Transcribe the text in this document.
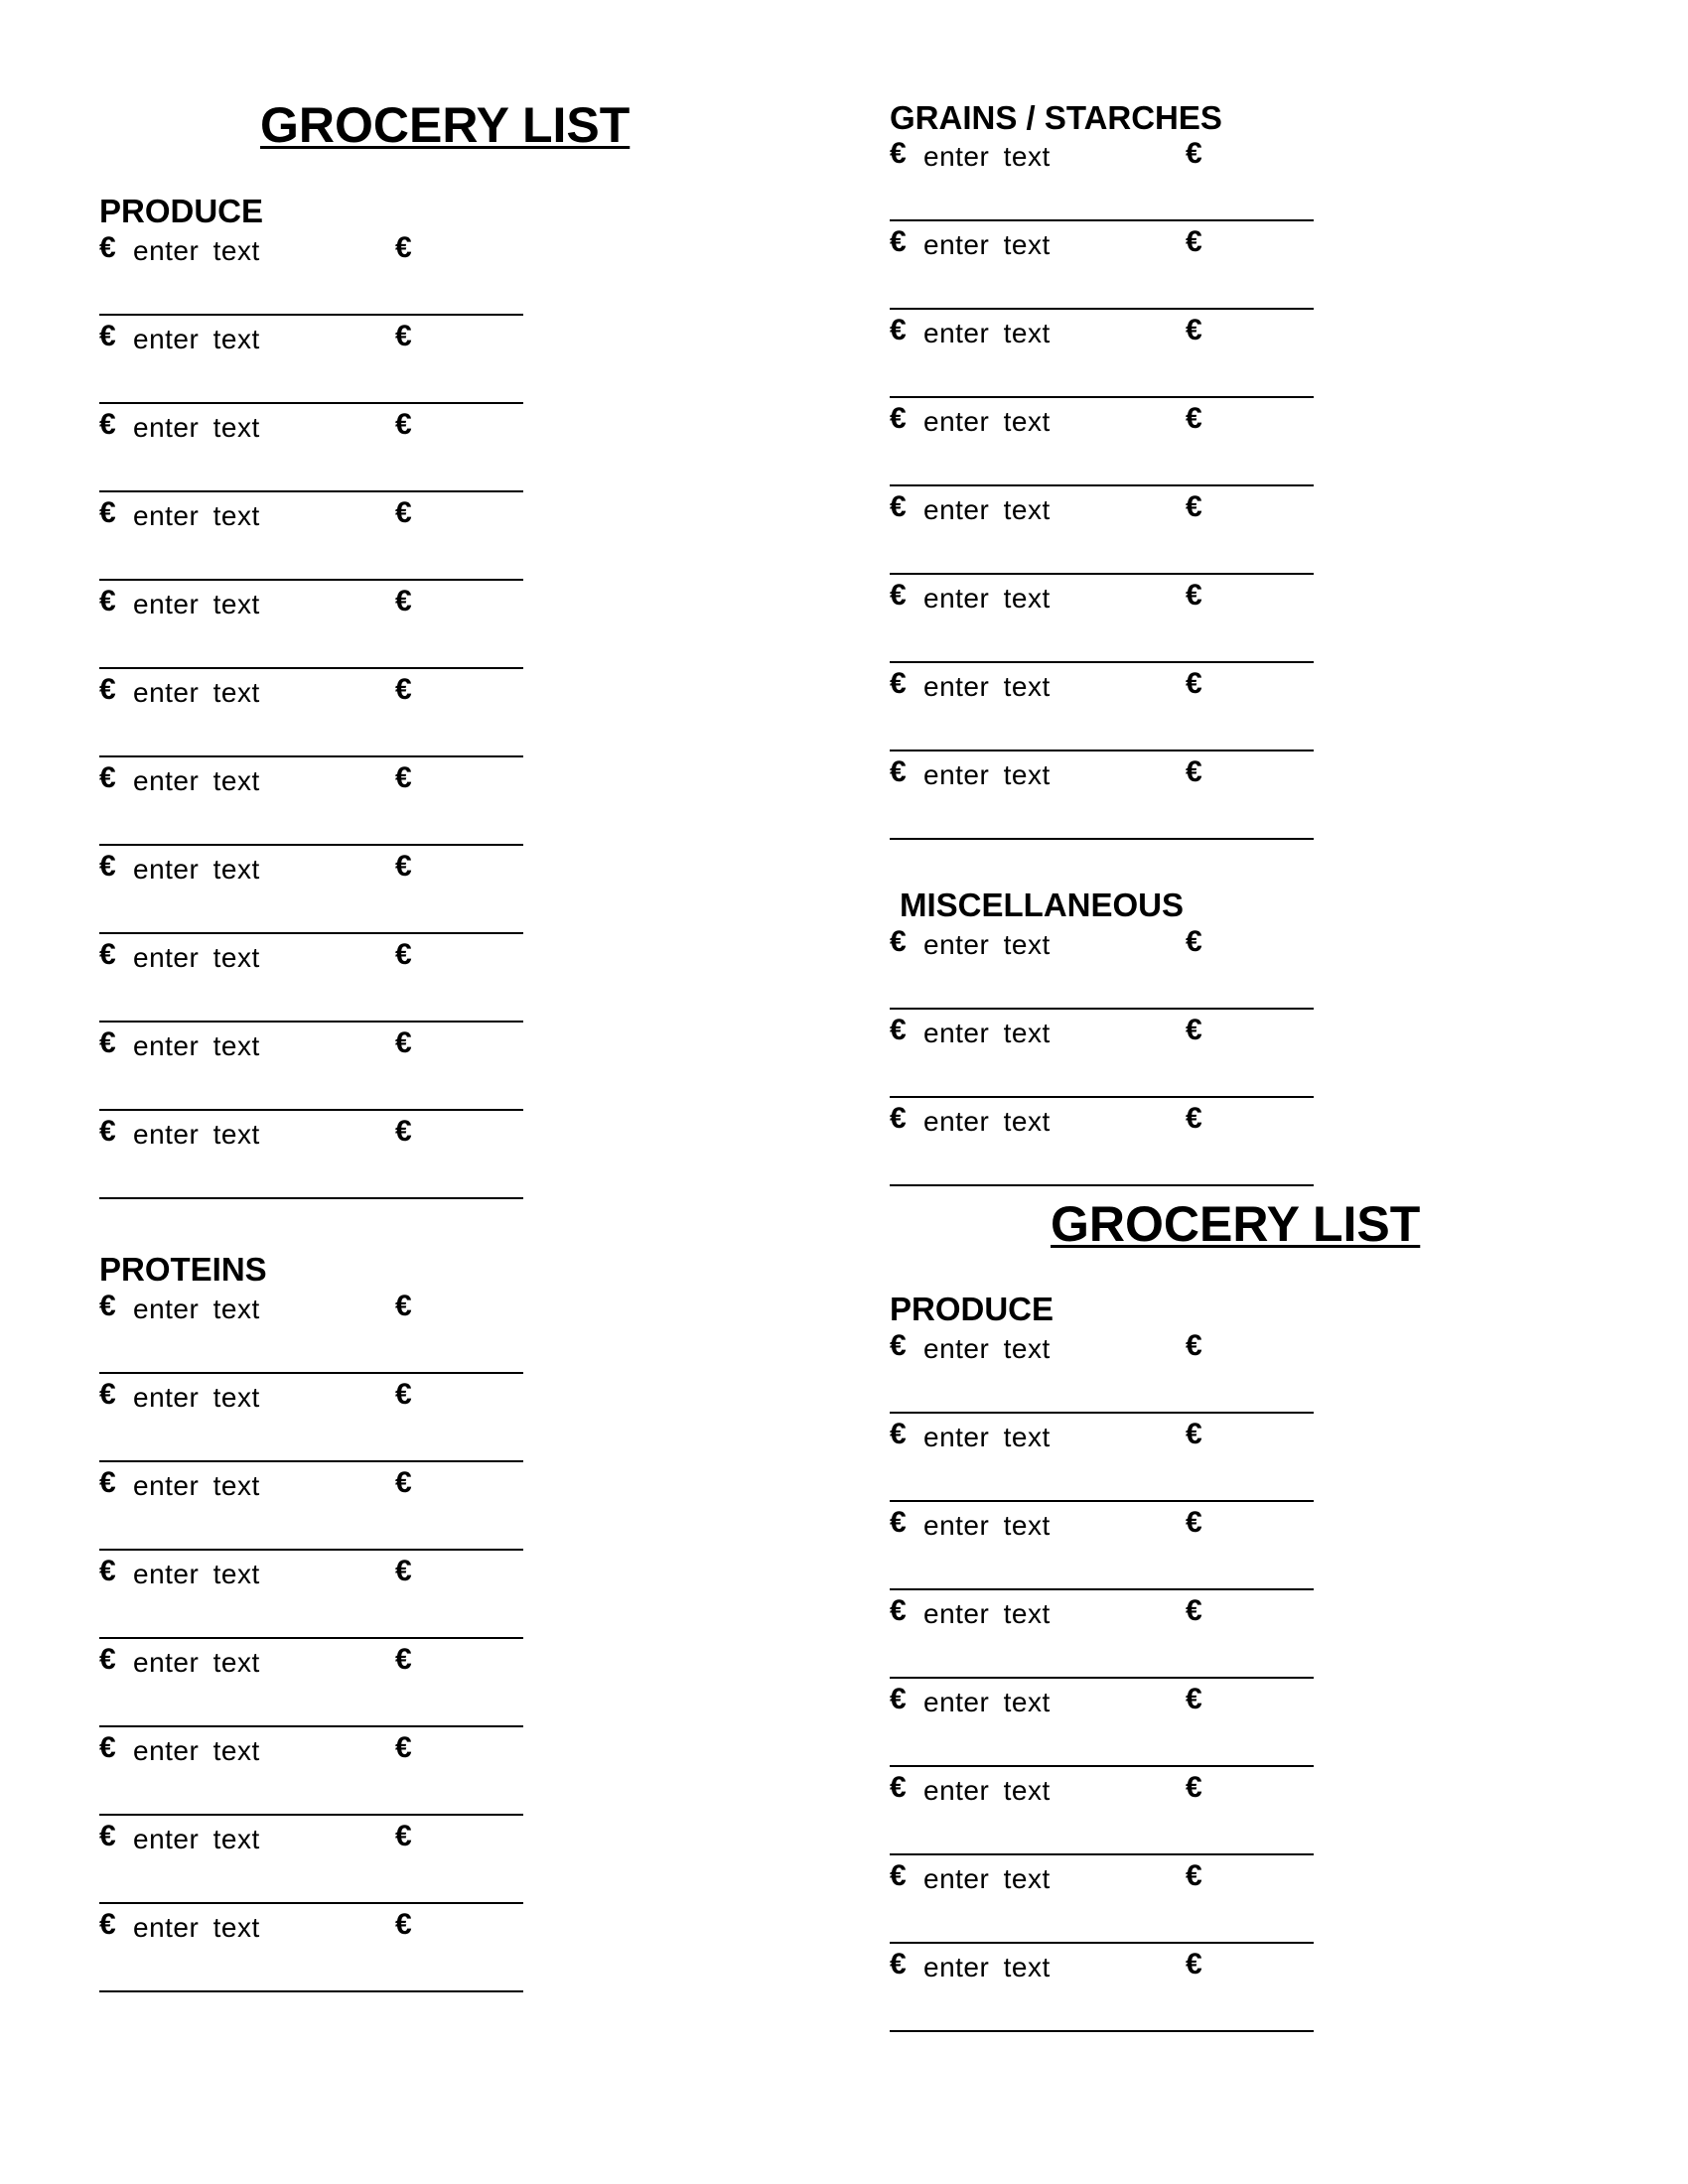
GROCERY LIST
PRODUCE
€ enter text	€
€ enter text	€
€ enter text	€
€ enter text	€
€ enter text	€
€ enter text	€
€ enter text	€
€ enter text	€
€ enter text	€
€ enter text	€
€ enter text	€
PROTEINS
€ enter text	€
€ enter text	€
€ enter text	€
€ enter text	€
€ enter text	€
€ enter text	€
€ enter text	€
€ enter text	€
GRAINS / STARCHES
€ enter text	€
€ enter text	€
€ enter text	€
€ enter text	€
€ enter text	€
€ enter text	€
€ enter text	€
€ enter text	€
MISCELLANEOUS
€ enter text	€
€ enter text	€
€ enter text	€
GROCERY LIST
PRODUCE
€ enter text	€
€ enter text	€
€ enter text	€
€ enter text	€
€ enter text	€
€ enter text	€
€ enter text	€
€ enter text	€
